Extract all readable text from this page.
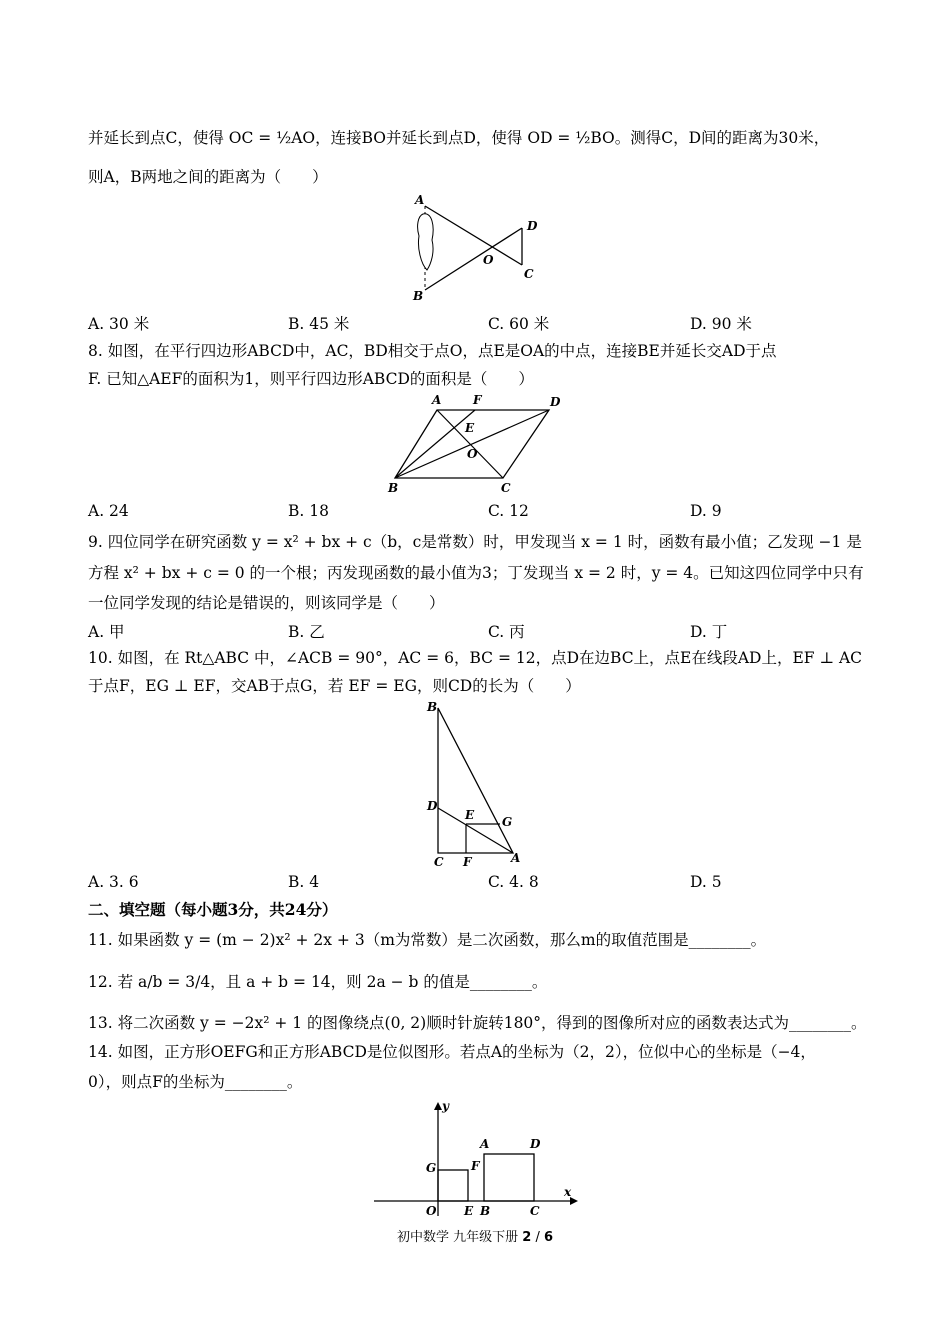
并延长到点C，使得 OC = ½AO，连接BO并延长到点D，使得 OD = ½BO。测得C，D间的距离为30米，
则A，B两地之间的距离为（　　）
A
B
O
D
C
A. 30 米	B. 45 米	C. 60 米	D. 90 米
8. 如图，在平行四边形ABCD中，AC，BD相交于点O，点E是OA的中点，连接BE并延长交AD于点
F. 已知△AEF的面积为1，则平行四边形ABCD的面积是（　　）
A	F	D
E
O
B	C
A. 24	B. 18	C. 12	D. 9
9. 四位同学在研究函数 y = x² + bx + c（b，c是常数）时，甲发现当 x = 1 时，函数有最小值；乙发现 −1 是
方程 x² + bx + c = 0 的一个根；丙发现函数的最小值为3；丁发现当 x = 2 时，y = 4。已知这四位同学中只有
一位同学发现的结论是错误的，则该同学是（　　）
A. 甲	B. 乙	C. 丙	D. 丁
10. 如图，在 Rt△ABC 中，∠ACB = 90°，AC = 6，BC = 12，点D在边BC上，点E在线段AD上，EF ⊥ AC
于点F，EG ⊥ EF，交AB于点G，若 EF = EG，则CD的长为（　　）
B
D
E G
C F	A
A. 3. 6	B. 4	C. 4. 8	D. 5
二、填空题（每小题3分，共24分）
11. 如果函数 y = (m − 2)x² + 2x + 3（m为常数）是二次函数，那么m的取值范围是________。
12. 若 a/b = 3/4，且 a + b = 14，则 2a − b 的值是________。
13. 将二次函数 y = −2x² + 1 的图像绕点(0, 2)顺时针旋转180°，得到的图像所对应的函数表达式为________。
14. 如图，正方形OEFG和正方形ABCD是位似图形。若点A的坐标为（2，2），位似中心的坐标是（−4，
0），则点F的坐标为________。
y
A	D
G	F
O E B	C
x
初中数学 九年级下册 2 / 6
